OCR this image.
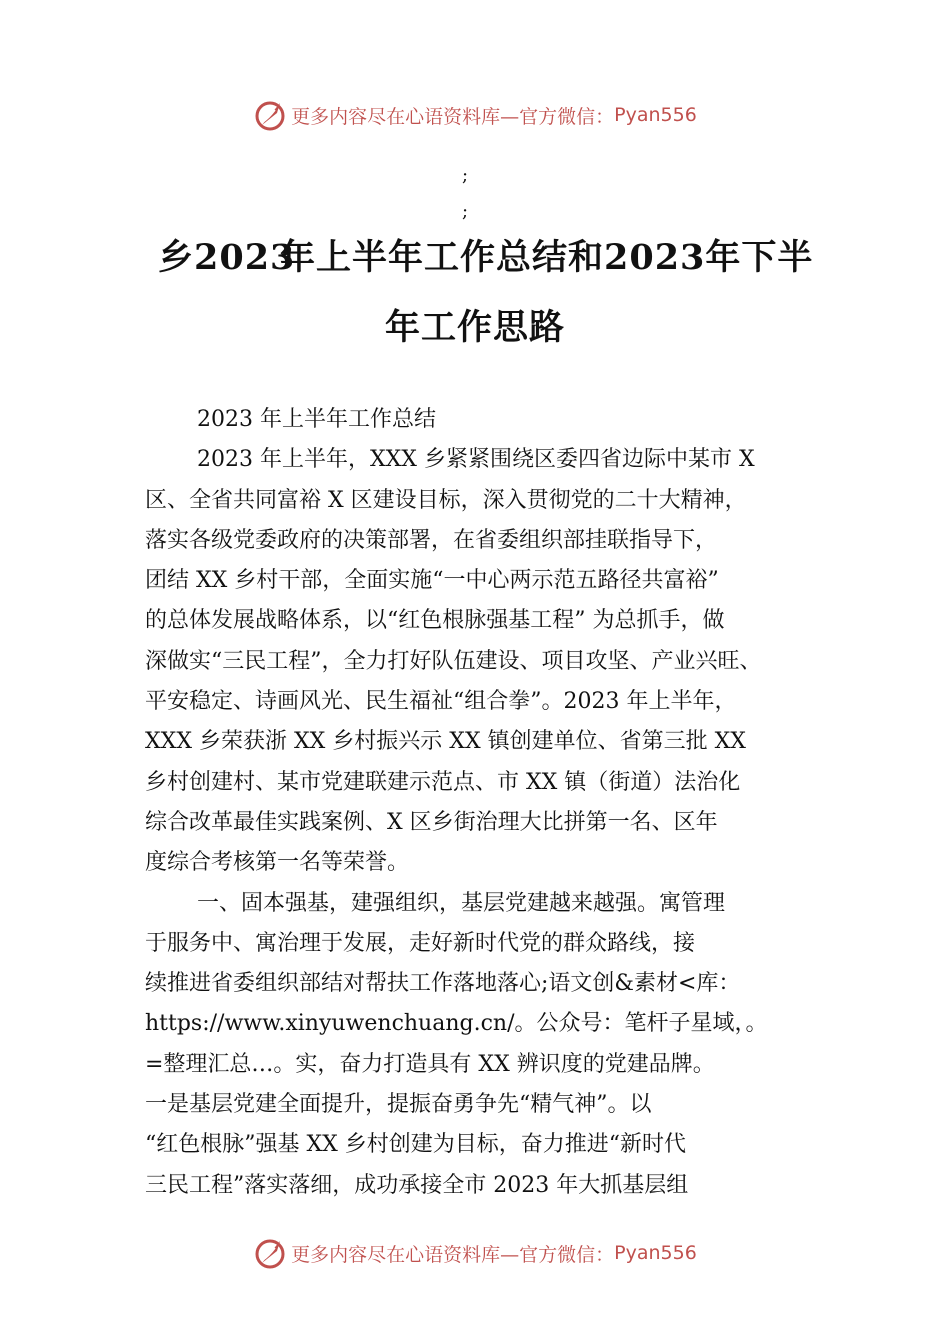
更多内容尽在心语资料库—官方微信： Pyan556
;
;
乡2023
年上半年工作总结和2023年下半
年工作思路
2023 年上半年工作总结
2023 年上半年，XXX 乡紧紧围绕区委四省边际中某市 X
区、全省共同富裕 X 区建设目标，深入贯彻党的二十大精神，
落实各级党委政府的决策部署，在省委组织部挂联指导下，
团结 XX 乡村干部，全面实施“一中心两示范五路径共富裕”
的总体发展战略体系，以“红色根脉强基工程” 为总抓手，做
深做实“三民工程”，全力打好队伍建设、项目攻坚、产业兴旺、
平安稳定、诗画风光、民生福祉“组合拳”。2023 年上半年，
XXX 乡荣获浙 XX 乡村振兴示 XX 镇创建单位、省第三批 XX
乡村创建村、某市党建联建示范点、市 XX 镇（街道）法治化
综合改革最佳实践案例、X 区乡街治理大比拼第一名、区年
度综合考核第一名等荣誉。
一、固本强基，建强组织，基层党建越来越强。寓管理
于服务中、寓治理于发展，走好新时代党的群众路线，接
续推进省委组织部结对帮扶工作落地落心;语文创&素材<库：
https://www.xinyuwenchuang.cn/。公众号：笔杆子星域，。
=整理汇总…。实，奋力打造具有 XX 辨识度的党建品牌。
一是基层党建全面提升，提振奋勇争先“精气神”。以
“红色根脉”强基 XX 乡村创建为目标，奋力推进“新时代
三民工程”落实落细，成功承接全市 2023 年大抓基层组
更多内容尽在心语资料库—官方微信： Pyan556
